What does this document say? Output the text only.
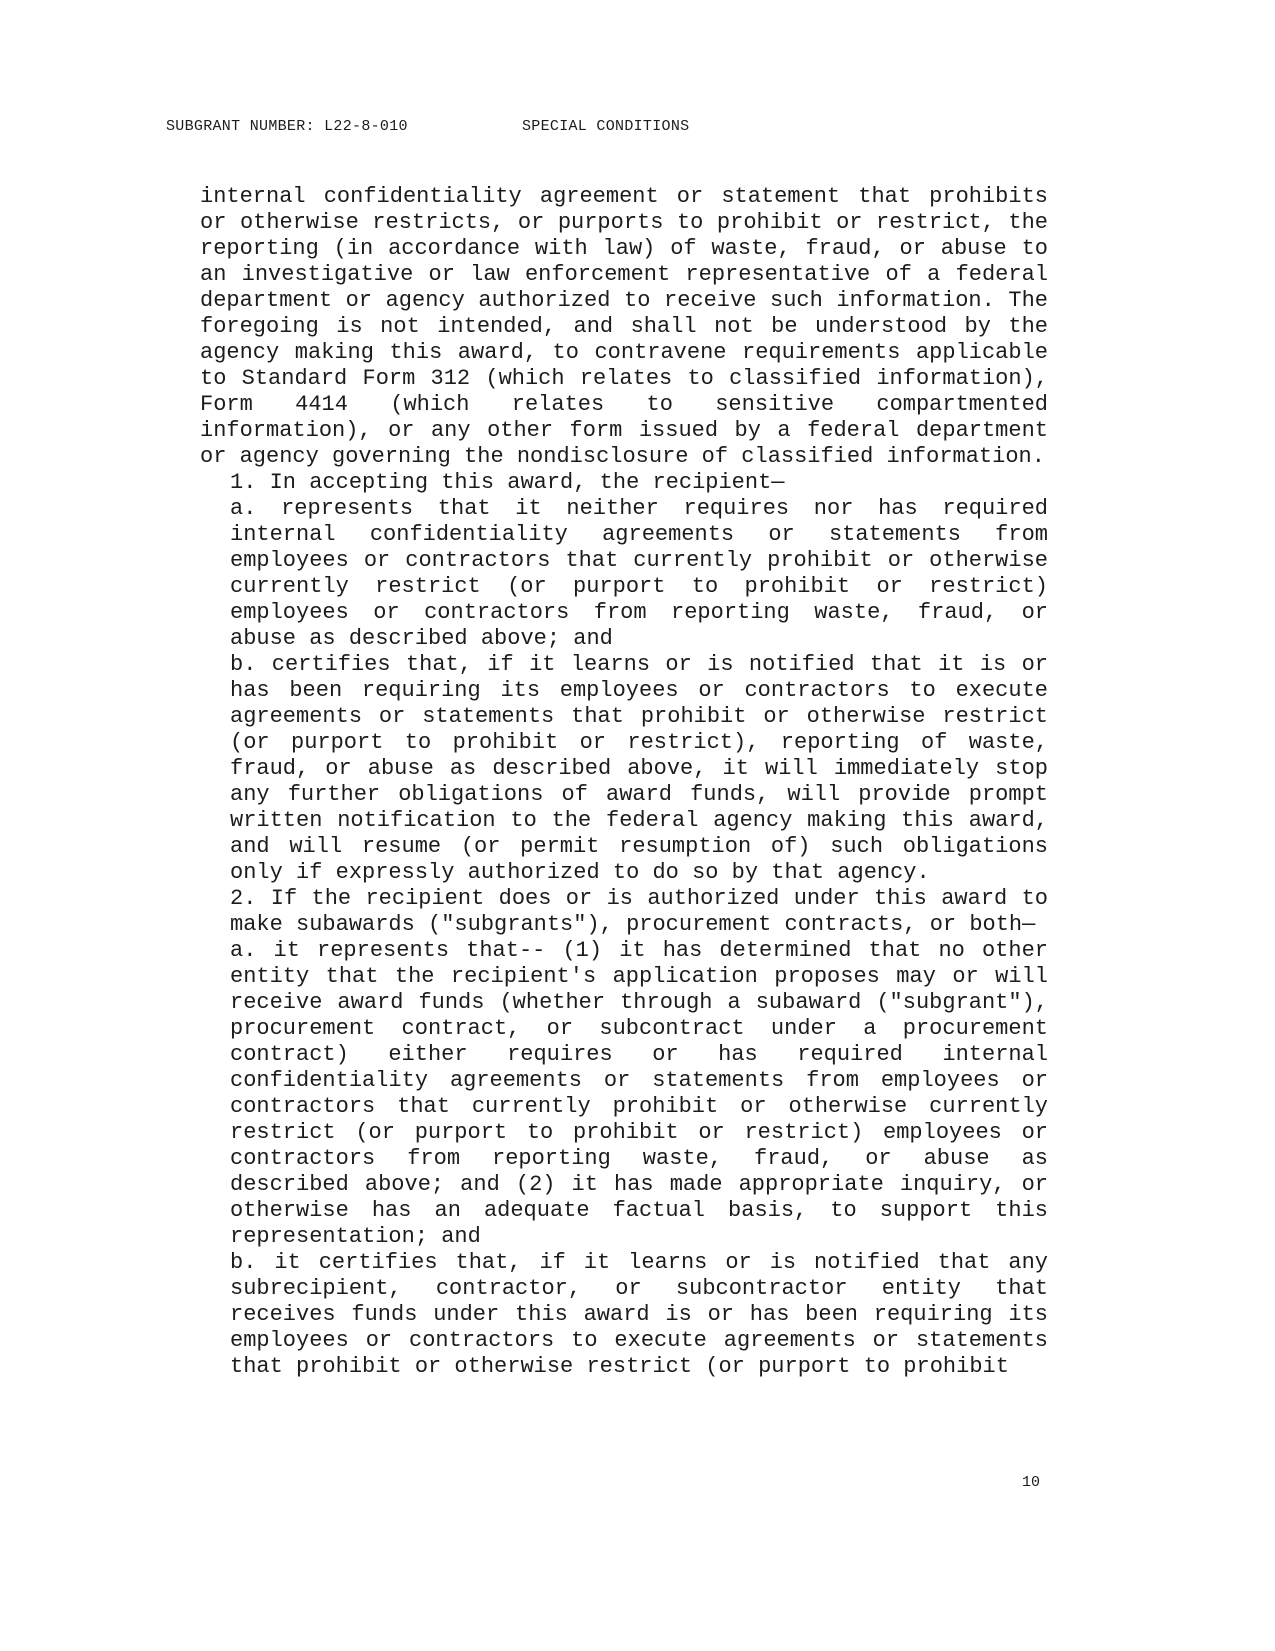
SUBGRANT NUMBER: L22-8-010	SPECIAL CONDITIONS

internal confidentiality agreement or statement that prohibits or otherwise restricts, or purports to prohibit or restrict, the reporting (in accordance with law) of waste, fraud, or abuse to an investigative or law enforcement representative of a federal department or agency authorized to receive such information. The foregoing is not intended, and shall not be understood by the agency making this award, to contravene requirements applicable to Standard Form 312 (which relates to classified information), Form 4414 (which relates to sensitive compartmented information), or any other form issued by a federal department or agency governing the nondisclosure of classified information.

1. In accepting this award, the recipient—

a. represents that it neither requires nor has required internal confidentiality agreements or statements from employees or contractors that currently prohibit or otherwise currently restrict (or purport to prohibit or restrict) employees or contractors from reporting waste, fraud, or abuse as described above; and

b. certifies that, if it learns or is notified that it is or has been requiring its employees or contractors to execute agreements or statements that prohibit or otherwise restrict (or purport to prohibit or restrict), reporting of waste, fraud, or abuse as described above, it will immediately stop any further obligations of award funds, will provide prompt written notification to the federal agency making this award, and will resume (or permit resumption of) such obligations only if expressly authorized to do so by that agency.

2. If the recipient does or is authorized under this award to make subawards ("subgrants"), procurement contracts, or both—

a. it represents that-- (1) it has determined that no other entity that the recipient's application proposes may or will receive award funds (whether through a subaward ("subgrant"), procurement contract, or subcontract under a procurement contract) either requires or has required internal confidentiality agreements or statements from employees or contractors that currently prohibit or otherwise currently restrict (or purport to prohibit or restrict) employees or contractors from reporting waste, fraud, or abuse as described above; and (2) it has made appropriate inquiry, or otherwise has an adequate factual basis, to support this representation; and

b. it certifies that, if it learns or is notified that any subrecipient, contractor, or subcontractor entity that receives funds under this award is or has been requiring its employees or contractors to execute agreements or statements that prohibit or otherwise restrict (or purport to prohibit

10
